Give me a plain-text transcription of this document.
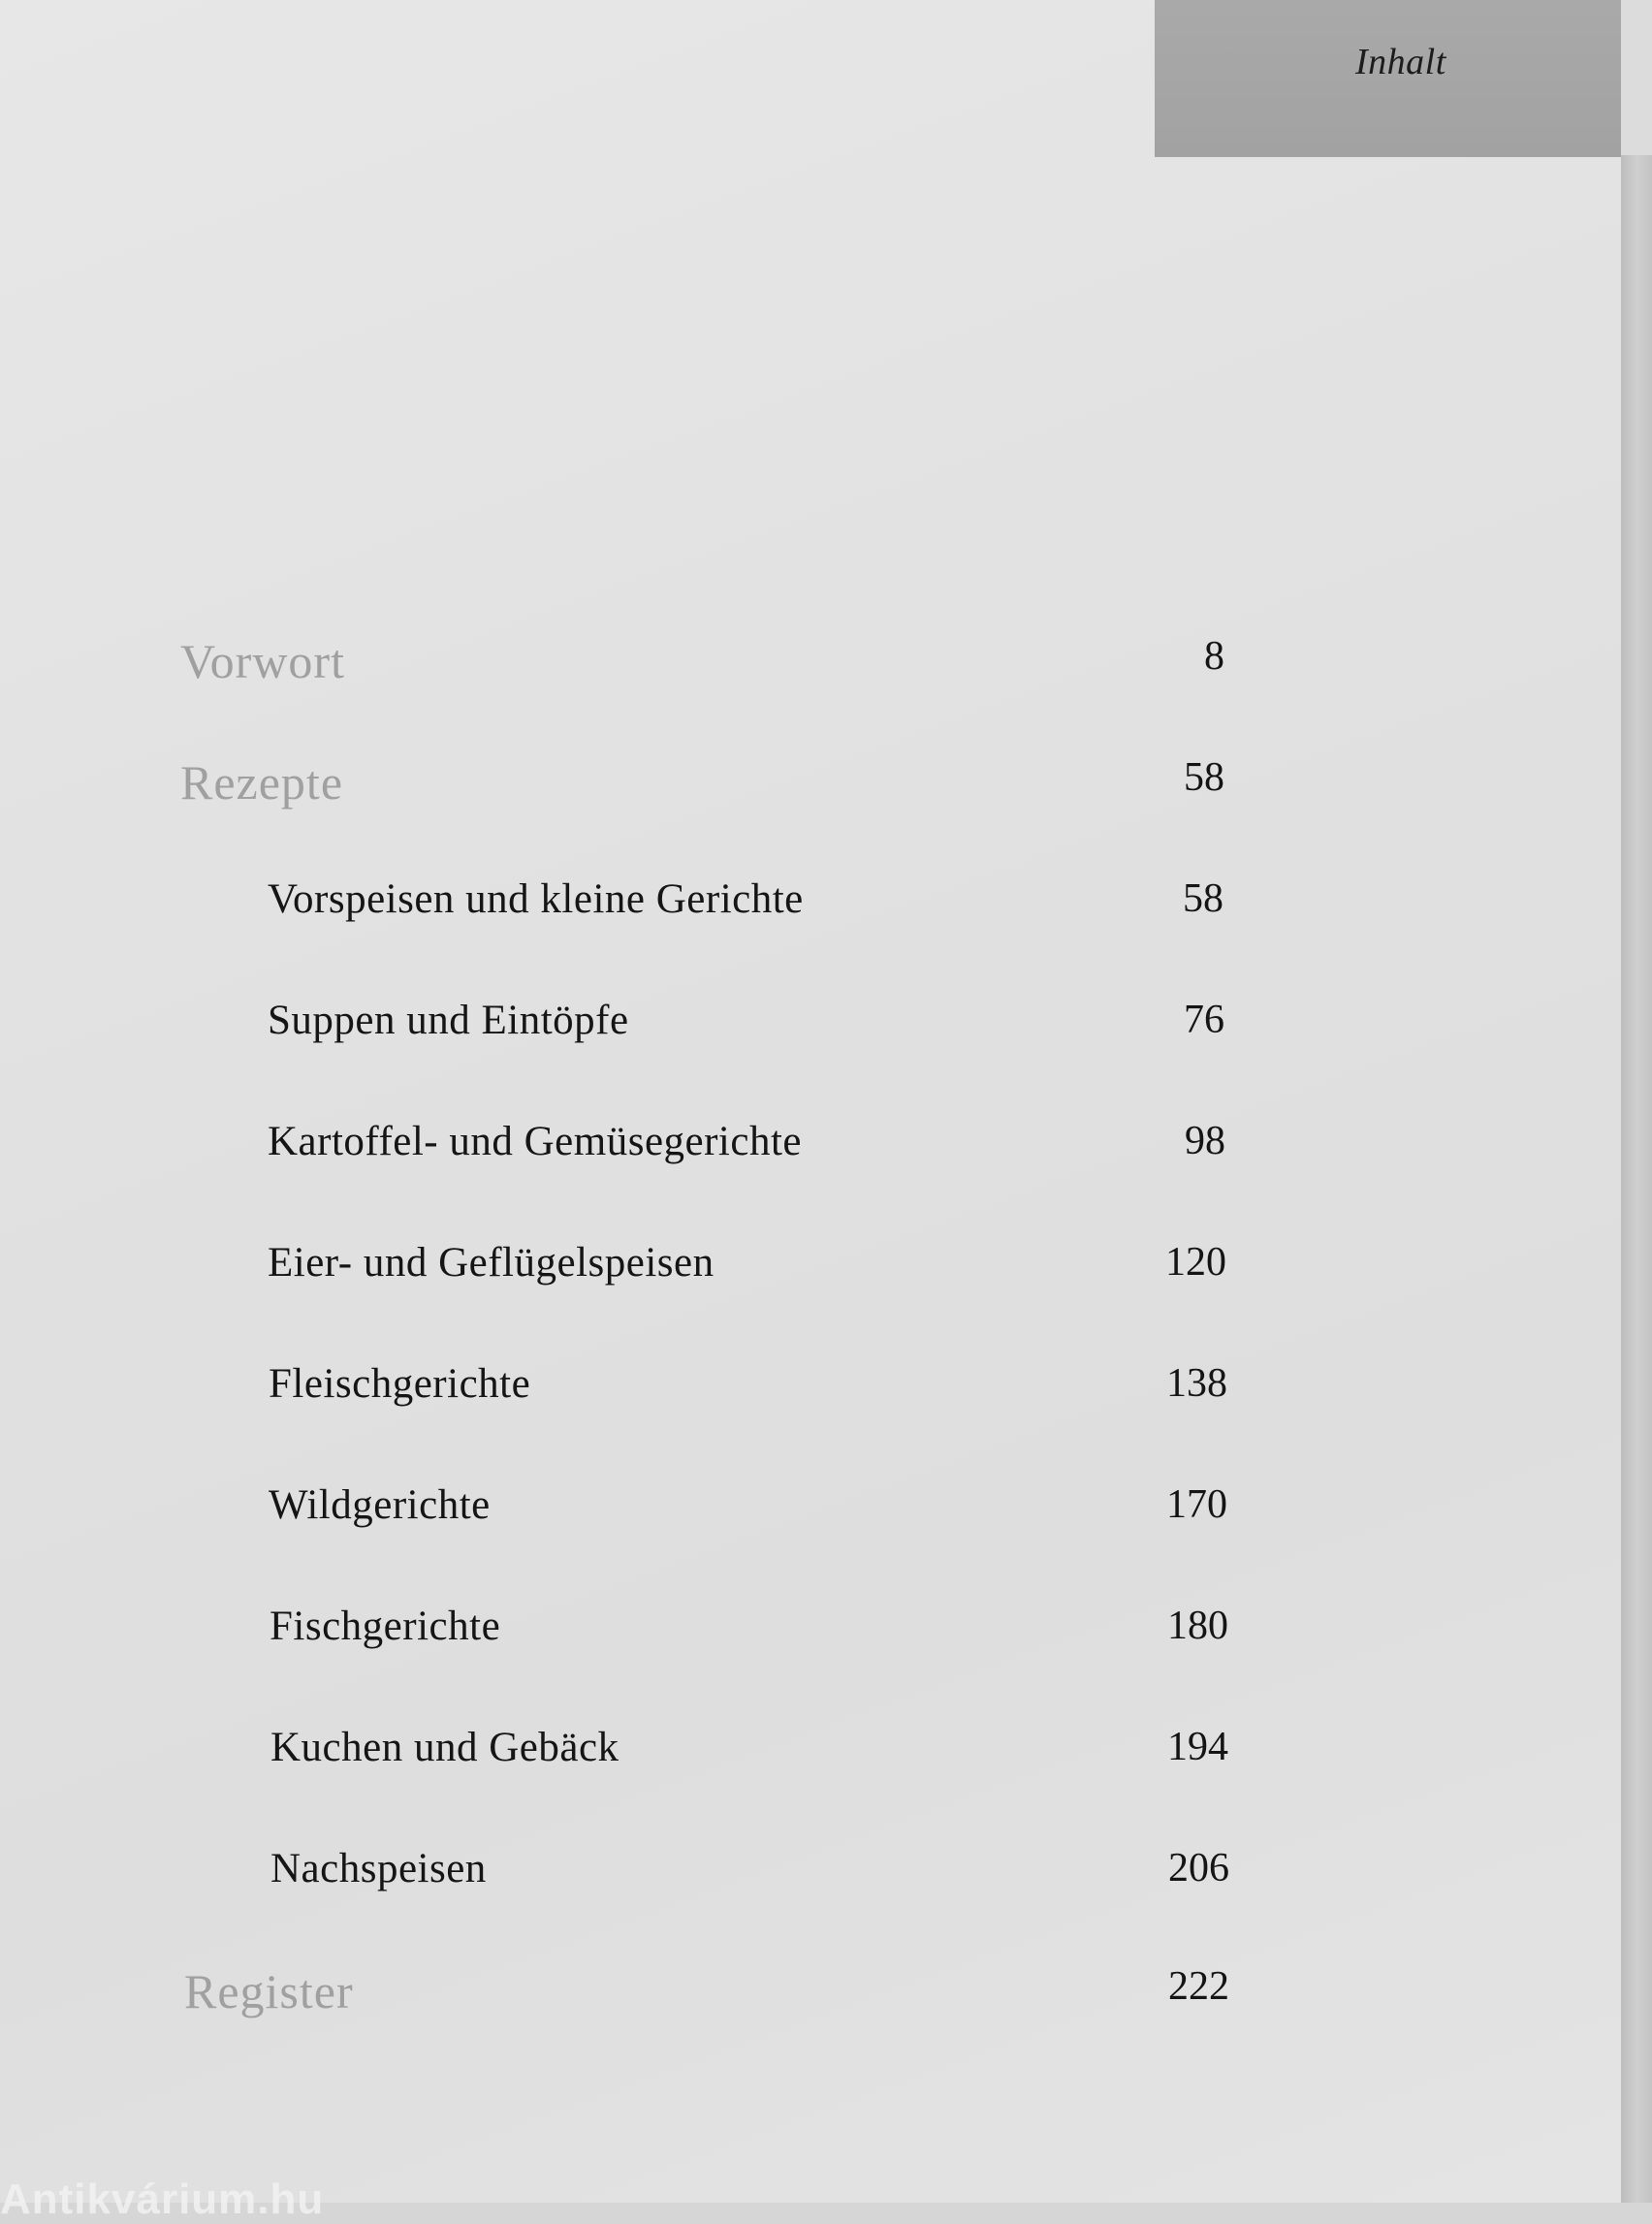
Inhalt
Vorwort	8
Rezepte	58
Vorspeisen und kleine Gerichte	58
Suppen und Eintöpfe	76
Kartoffel- und Gemüsegerichte	98
Eier- und Geflügelspeisen	120
Fleischgerichte	138
Wildgerichte	170
Fischgerichte	180
Kuchen und Gebäck	194
Nachspeisen	206
Register	222
Antikvárium.hu
